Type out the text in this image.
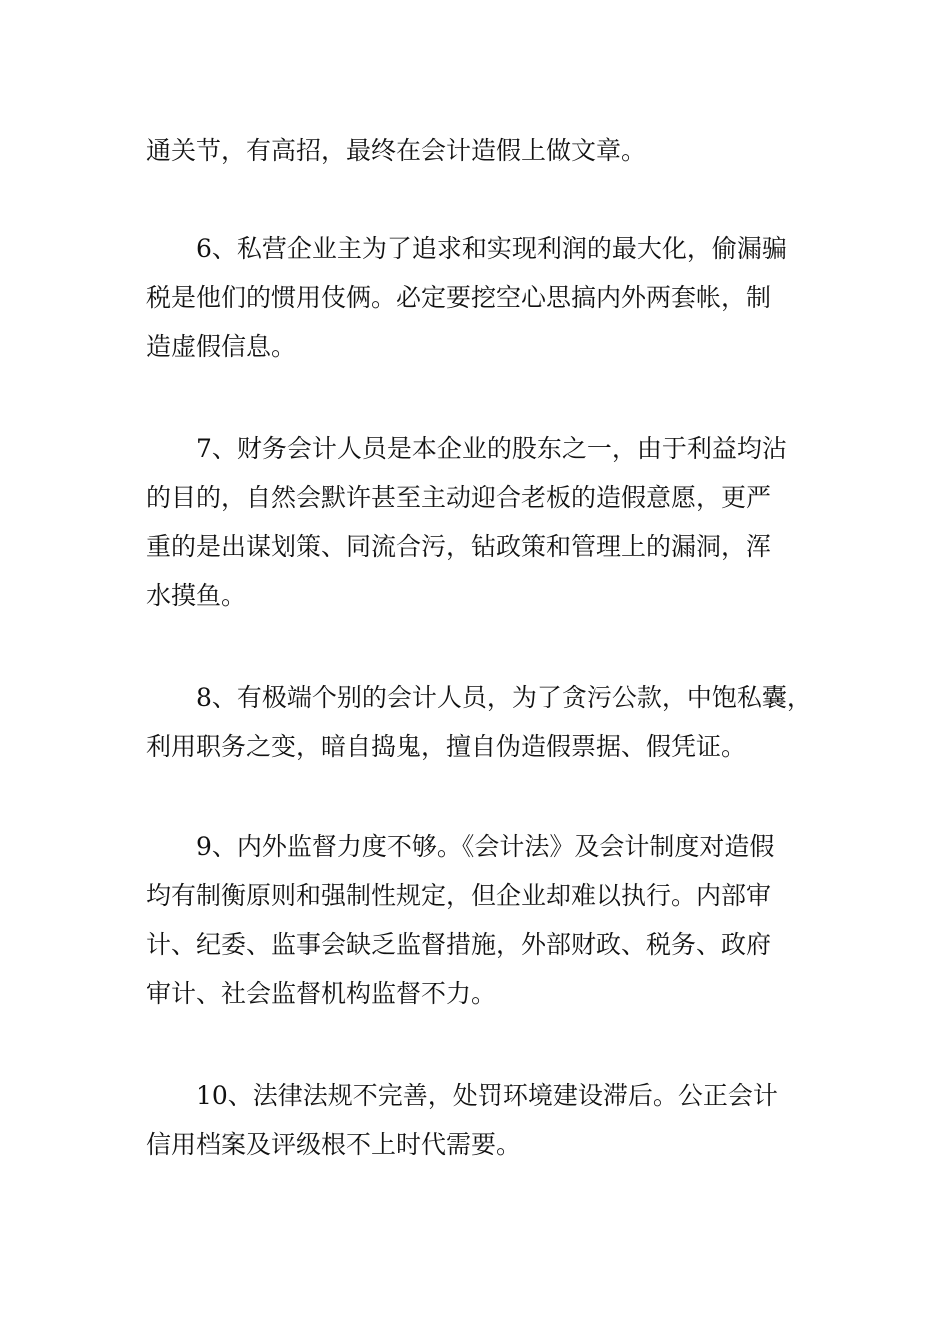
通关节，有高招，最终在会计造假上做文章。

6、私营企业主为了追求和实现利润的最大化，偷漏骗
税是他们的惯用伎俩。必定要挖空心思搞内外两套帐，制
造虚假信息。

7、财务会计人员是本企业的股东之一，由于利益均沾
的目的，自然会默许甚至主动迎合老板的造假意愿，更严
重的是出谋划策、同流合污，钻政策和管理上的漏洞，浑
水摸鱼。

8、有极端个别的会计人员，为了贪污公款，中饱私囊，
利用职务之变，暗自捣鬼，擅自伪造假票据、假凭证。

9、内外监督力度不够。《会计法》及会计制度对造假
均有制衡原则和强制性规定，但企业却难以执行。内部审
计、纪委、监事会缺乏监督措施，外部财政、税务、政府
审计、社会监督机构监督不力。

10、法律法规不完善，处罚环境建设滞后。公正会计
信用档案及评级根不上时代需要。
